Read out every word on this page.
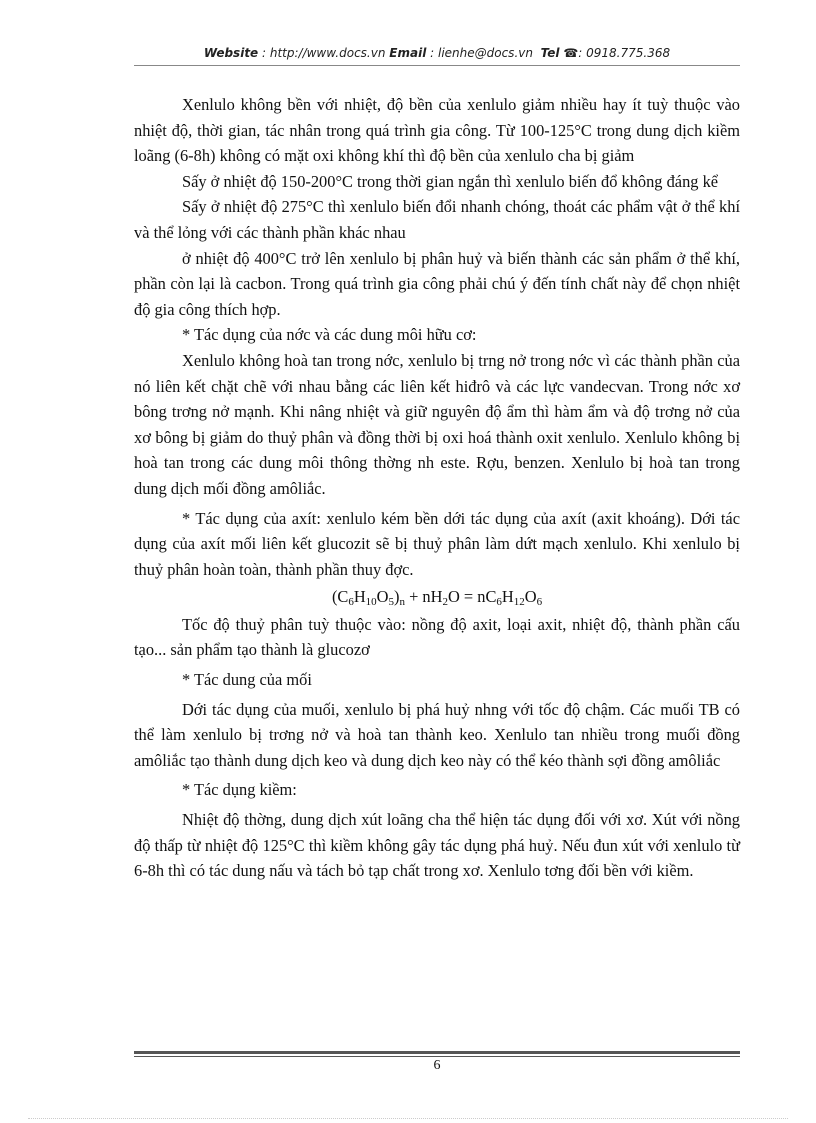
Website : http://www.docs.vn Email : lienhe@docs.vn Tel ☎: 0918.775.368

Xenlulo không bền với nhiệt, độ bền của xenlulo giảm nhiều hay ít tuỳ thuộc vào nhiệt độ, thời gian, tác nhân trong quá trình gia công. Từ 100-125°C trong dung dịch kiềm loãng (6-8h) không có mặt oxi không khí thì độ bền của xenlulo cha bị giảm

Sấy ở nhiệt độ 150-200°C trong thời gian ngắn thì xenlulo biến đổ không đáng kể

Sấy ở nhiệt độ 275°C thì xenlulo biến đổi nhanh chóng, thoát các phẩm vật ở thể khí và thể lỏng với các thành phần khác nhau

ở nhiệt độ 400°C trở lên xenlulo bị phân huỷ và biến thành các sản phẩm ở thể khí, phần còn lại là cacbon. Trong quá trình gia công phải chú ý đến tính chất này để chọn nhiệt độ gia công thích hợp.

* Tác dụng của nớc và các dung môi hữu cơ:

Xenlulo không hoà tan trong nớc, xenlulo bị trng nở trong nớc vì các thành phần của nó liên kết chặt chẽ với nhau bằng các liên kết hiđrô và các lực vandecvan. Trong nớc xơ bông trơng nở mạnh. Khi nâng nhiệt và giữ nguyên độ ẩm thì hàm ẩm và độ trơng nở của xơ bông bị giảm do thuỷ phân và đồng thời bị oxi hoá thành oxit xenlulo. Xenlulo không bị hoà tan trong các dung môi thông thờng nh este. Rợu, benzen. Xenlulo bị hoà tan trong dung dịch mối đồng amôliắc.

* Tác dụng của axít: xenlulo kém bền dới tác dụng của axít (axit khoáng). Dới tác dụng của axít mối liên kết glucozit sẽ bị thuỷ phân làm dứt mạch xenlulo. Khi xenlulo bị thuỷ phân hoàn toàn, thành phần thuy đợc.

$(C_6H_{10}O_5)_n + nH_2O = nC_6H_{12}O_6$

Tốc độ thuỷ phân tuỳ thuộc vào: nồng độ axit, loại axit, nhiệt độ, thành phần cấu tạo... sản phẩm tạo thành là glucozơ

* Tác dung của mối

Dới tác dụng của muối, xenlulo bị phá huỷ nhng với tốc độ chậm. Các muối TB có thể làm xenlulo bị trơng nở và hoà tan thành keo. Xenlulo tan nhiều trong muối đồng amôliắc tạo thành dung dịch keo và dung dịch keo này có thể kéo thành sợi đồng amôliắc

* Tác dụng kiềm:

Nhiệt độ thờng, dung dịch xút loãng cha thể hiện tác dụng đối với xơ. Xút với nồng độ thấp từ nhiệt độ 125°C thì kiềm không gây tác dụng phá huỷ. Nếu đun xút với xenlulo từ 6-8h thì có tác dung nấu và tách bỏ tạp chất trong xơ. Xenlulo tơng đối bền với kiềm.

6
